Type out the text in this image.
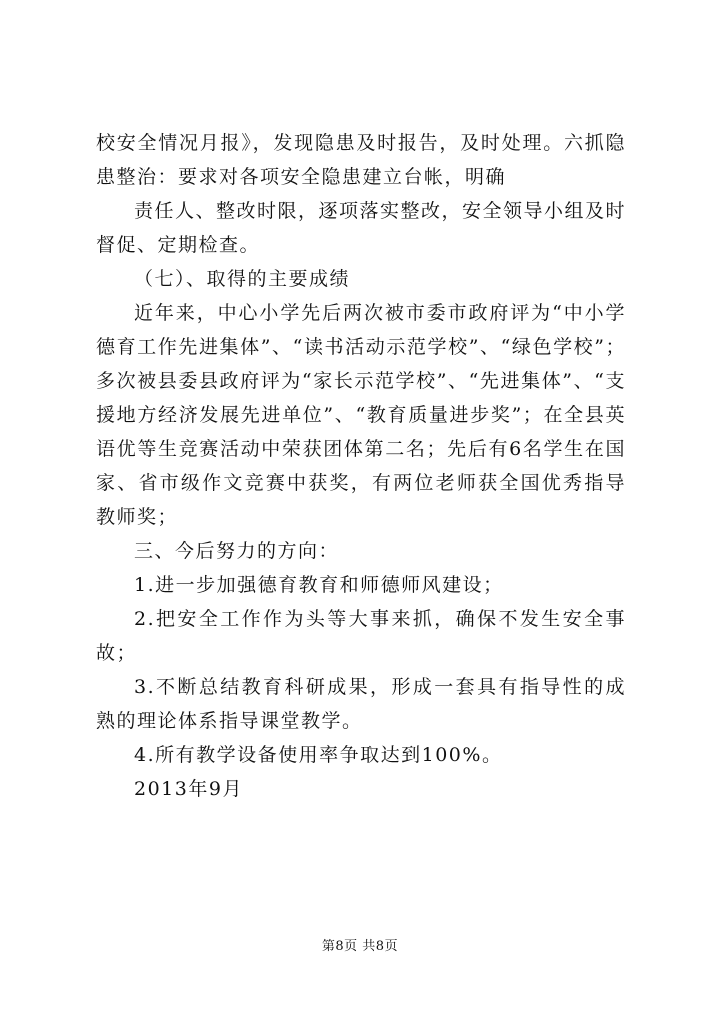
校安全情况月报》，发现隐患及时报告，及时处理。六抓隐患整治：要求对各项安全隐患建立台帐，明确

责任人、整改时限，逐项落实整改，安全领导小组及时督促、定期检查。

（七）、取得的主要成绩

近年来，中心小学先后两次被市委市政府评为“中小学德育工作先进集体”、“读书活动示范学校”、“绿色学校”；多次被县委县政府评为“家长示范学校”、“先进集体”、“支援地方经济发展先进单位”、“教育质量进步奖”；在全县英语优等生竞赛活动中荣获团体第二名；先后有6名学生在国家、省市级作文竞赛中获奖，有两位老师获全国优秀指导教师奖；

三、今后努力的方向：

1.进一步加强德育教育和师德师风建设；

2.把安全工作作为头等大事来抓，确保不发生安全事故；

3.不断总结教育科研成果，形成一套具有指导性的成熟的理论体系指导课堂教学。

4.所有教学设备使用率争取达到100%。

2013年9月

第8页 共8页
